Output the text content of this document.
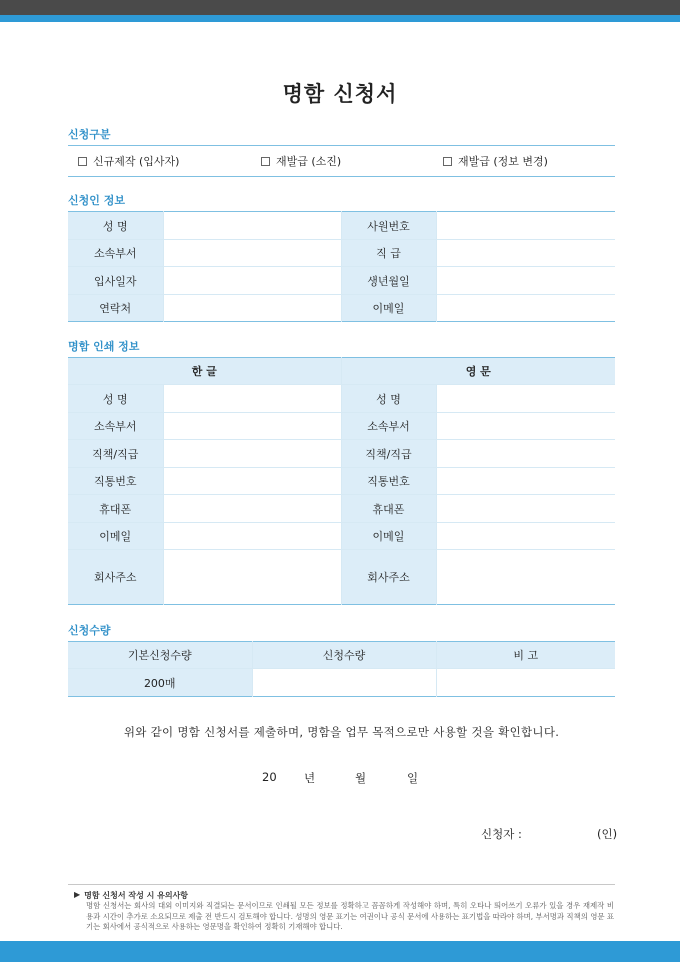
명함 신청서
신청구분
신규제작 (입사자)	재발급 (소진)	재발급 (정보 변경)
신청인 정보
성 명		사원번호	
소속부서		직 급	
입사일자		생년월일	
연락처		이메일	
명함 인쇄 정보
한 글		영 문	
성 명		성 명	
소속부서		소속부서	
직책/직급		직책/직급	
직통번호		직통번호	
휴대폰		휴대폰	
이메일		이메일	
회사주소		회사주소	
신청수량
기본신청수량	신청수량	비 고
200매		
위와 같이 명함 신청서를 제출하며, 명함을 업무 목적으로만 사용할 것을 확인합니다.
20 년	월	일
신청자 :	(인)
▶ 명함 신청서 작성 시 유의사항
명함 신청서는 회사의 대외 이미지와 직결되는 문서이므로 인쇄될 모든 정보를 정확하고 꼼꼼하게 작성해야 하며, 특히 오타나 띄어쓰기 오류가 있을 경우 재제작 비용과 시간이 추가로 소요되므로 제출 전 반드시 검토해야 합니다. 성명의 영문 표기는 여권이나 공식 문서에 사용하는 표기법을 따라야 하며, 부서명과 직책의 영문 표기는 회사에서 공식적으로 사용하는 영문명을 확인하여 정확히 기재해야 합니다.
